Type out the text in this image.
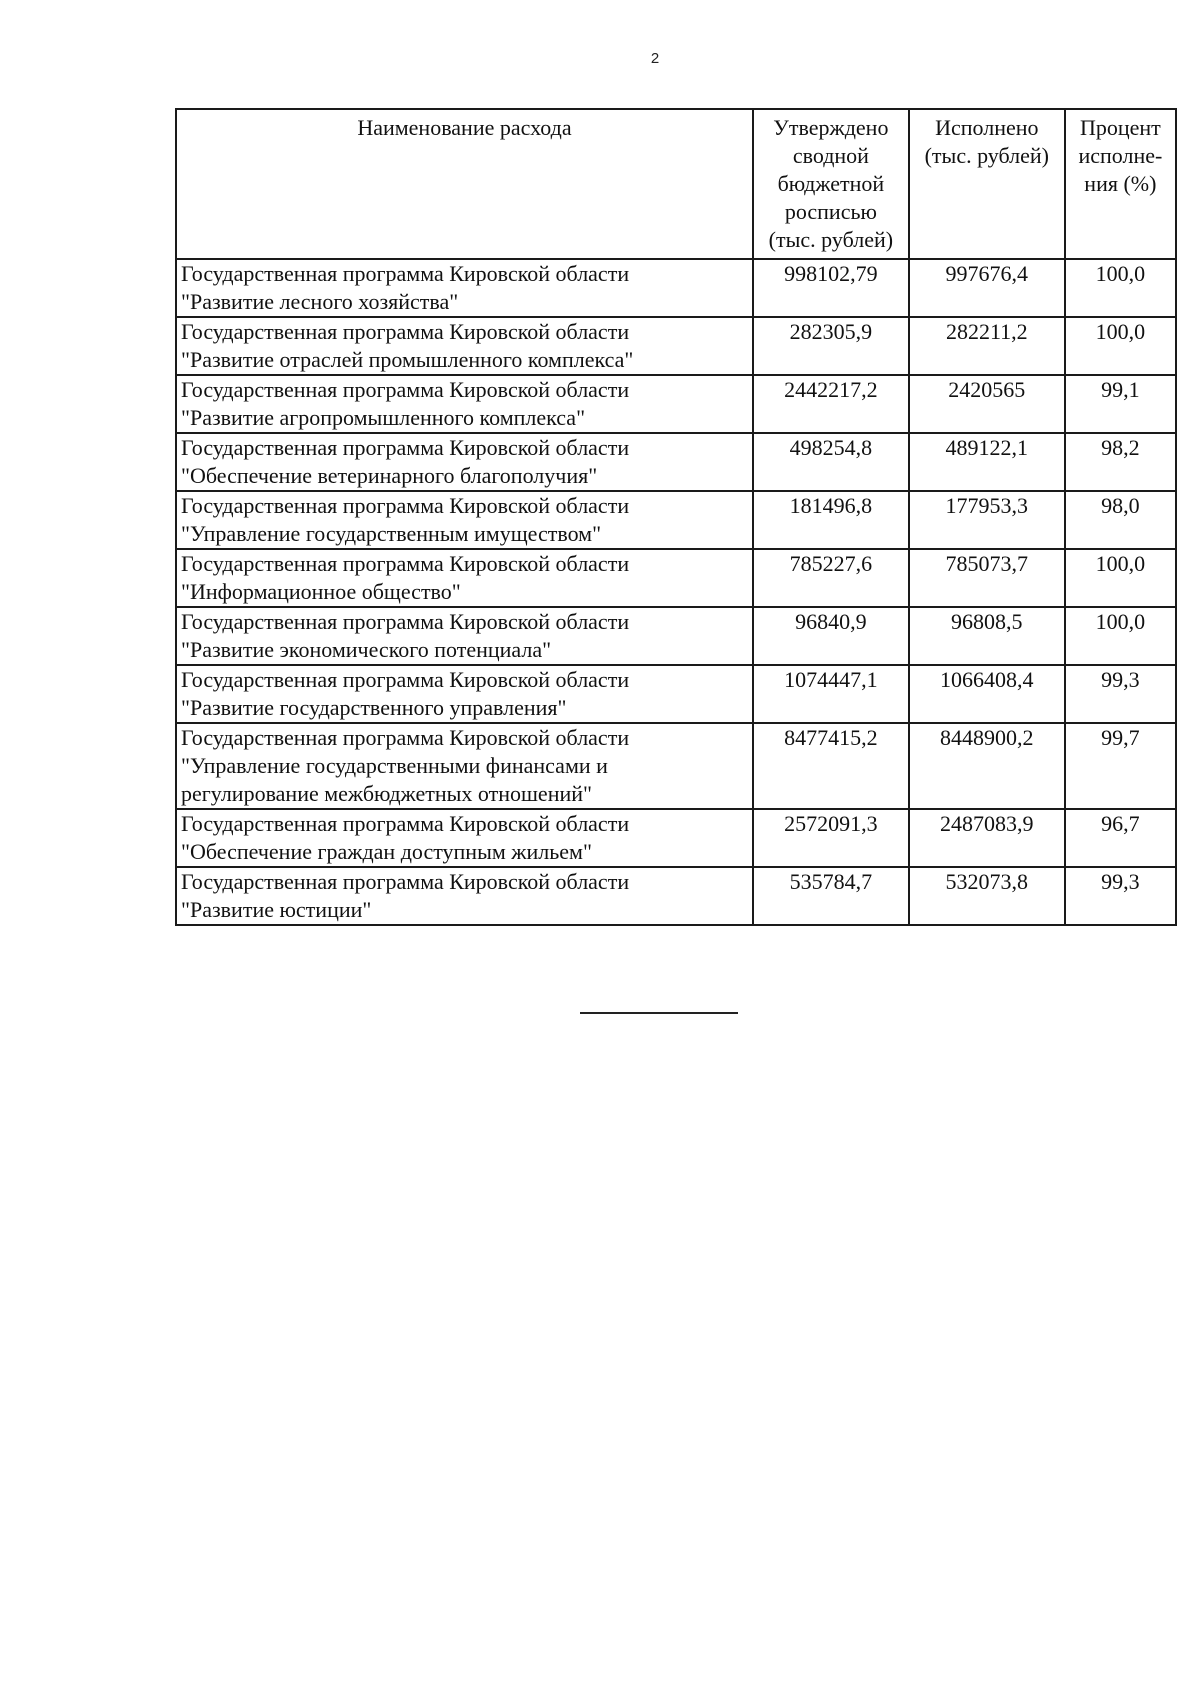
2
Наименование расхода	Утверждено
сводной
бюджетной
росписью
(тыс. рублей)	Исполнено
(тыс. рублей)	Процент
исполне-
ния (%)

Государственная программа Кировской области
"Развитие лесного хозяйства"	998102,79	997676,4	100,0

Государственная программа Кировской области
"Развитие отраслей промышленного комплекса"	282305,9	282211,2	100,0

Государственная программа Кировской области
"Развитие агропромышленного комплекса"	2442217,2	2420565	99,1

Государственная программа Кировской области
"Обеспечение ветеринарного благополучия"	498254,8	489122,1	98,2

Государственная программа Кировской области
"Управление государственным имуществом"	181496,8	177953,3	98,0

Государственная программа Кировской области
"Информационное общество"	785227,6	785073,7	100,0

Государственная программа Кировской области
"Развитие экономического потенциала"	96840,9	96808,5	100,0

Государственная программа Кировской области
"Развитие государственного управления"	1074447,1	1066408,4	99,3

Государственная программа Кировской области
"Управление государственными финансами и
регулирование межбюджетных отношений"	8477415,2	8448900,2	99,7

Государственная программа Кировской области
"Обеспечение граждан доступным жильем"	2572091,3	2487083,9	96,7

Государственная программа Кировской области
"Развитие юстиции"	535784,7	532073,8	99,3
